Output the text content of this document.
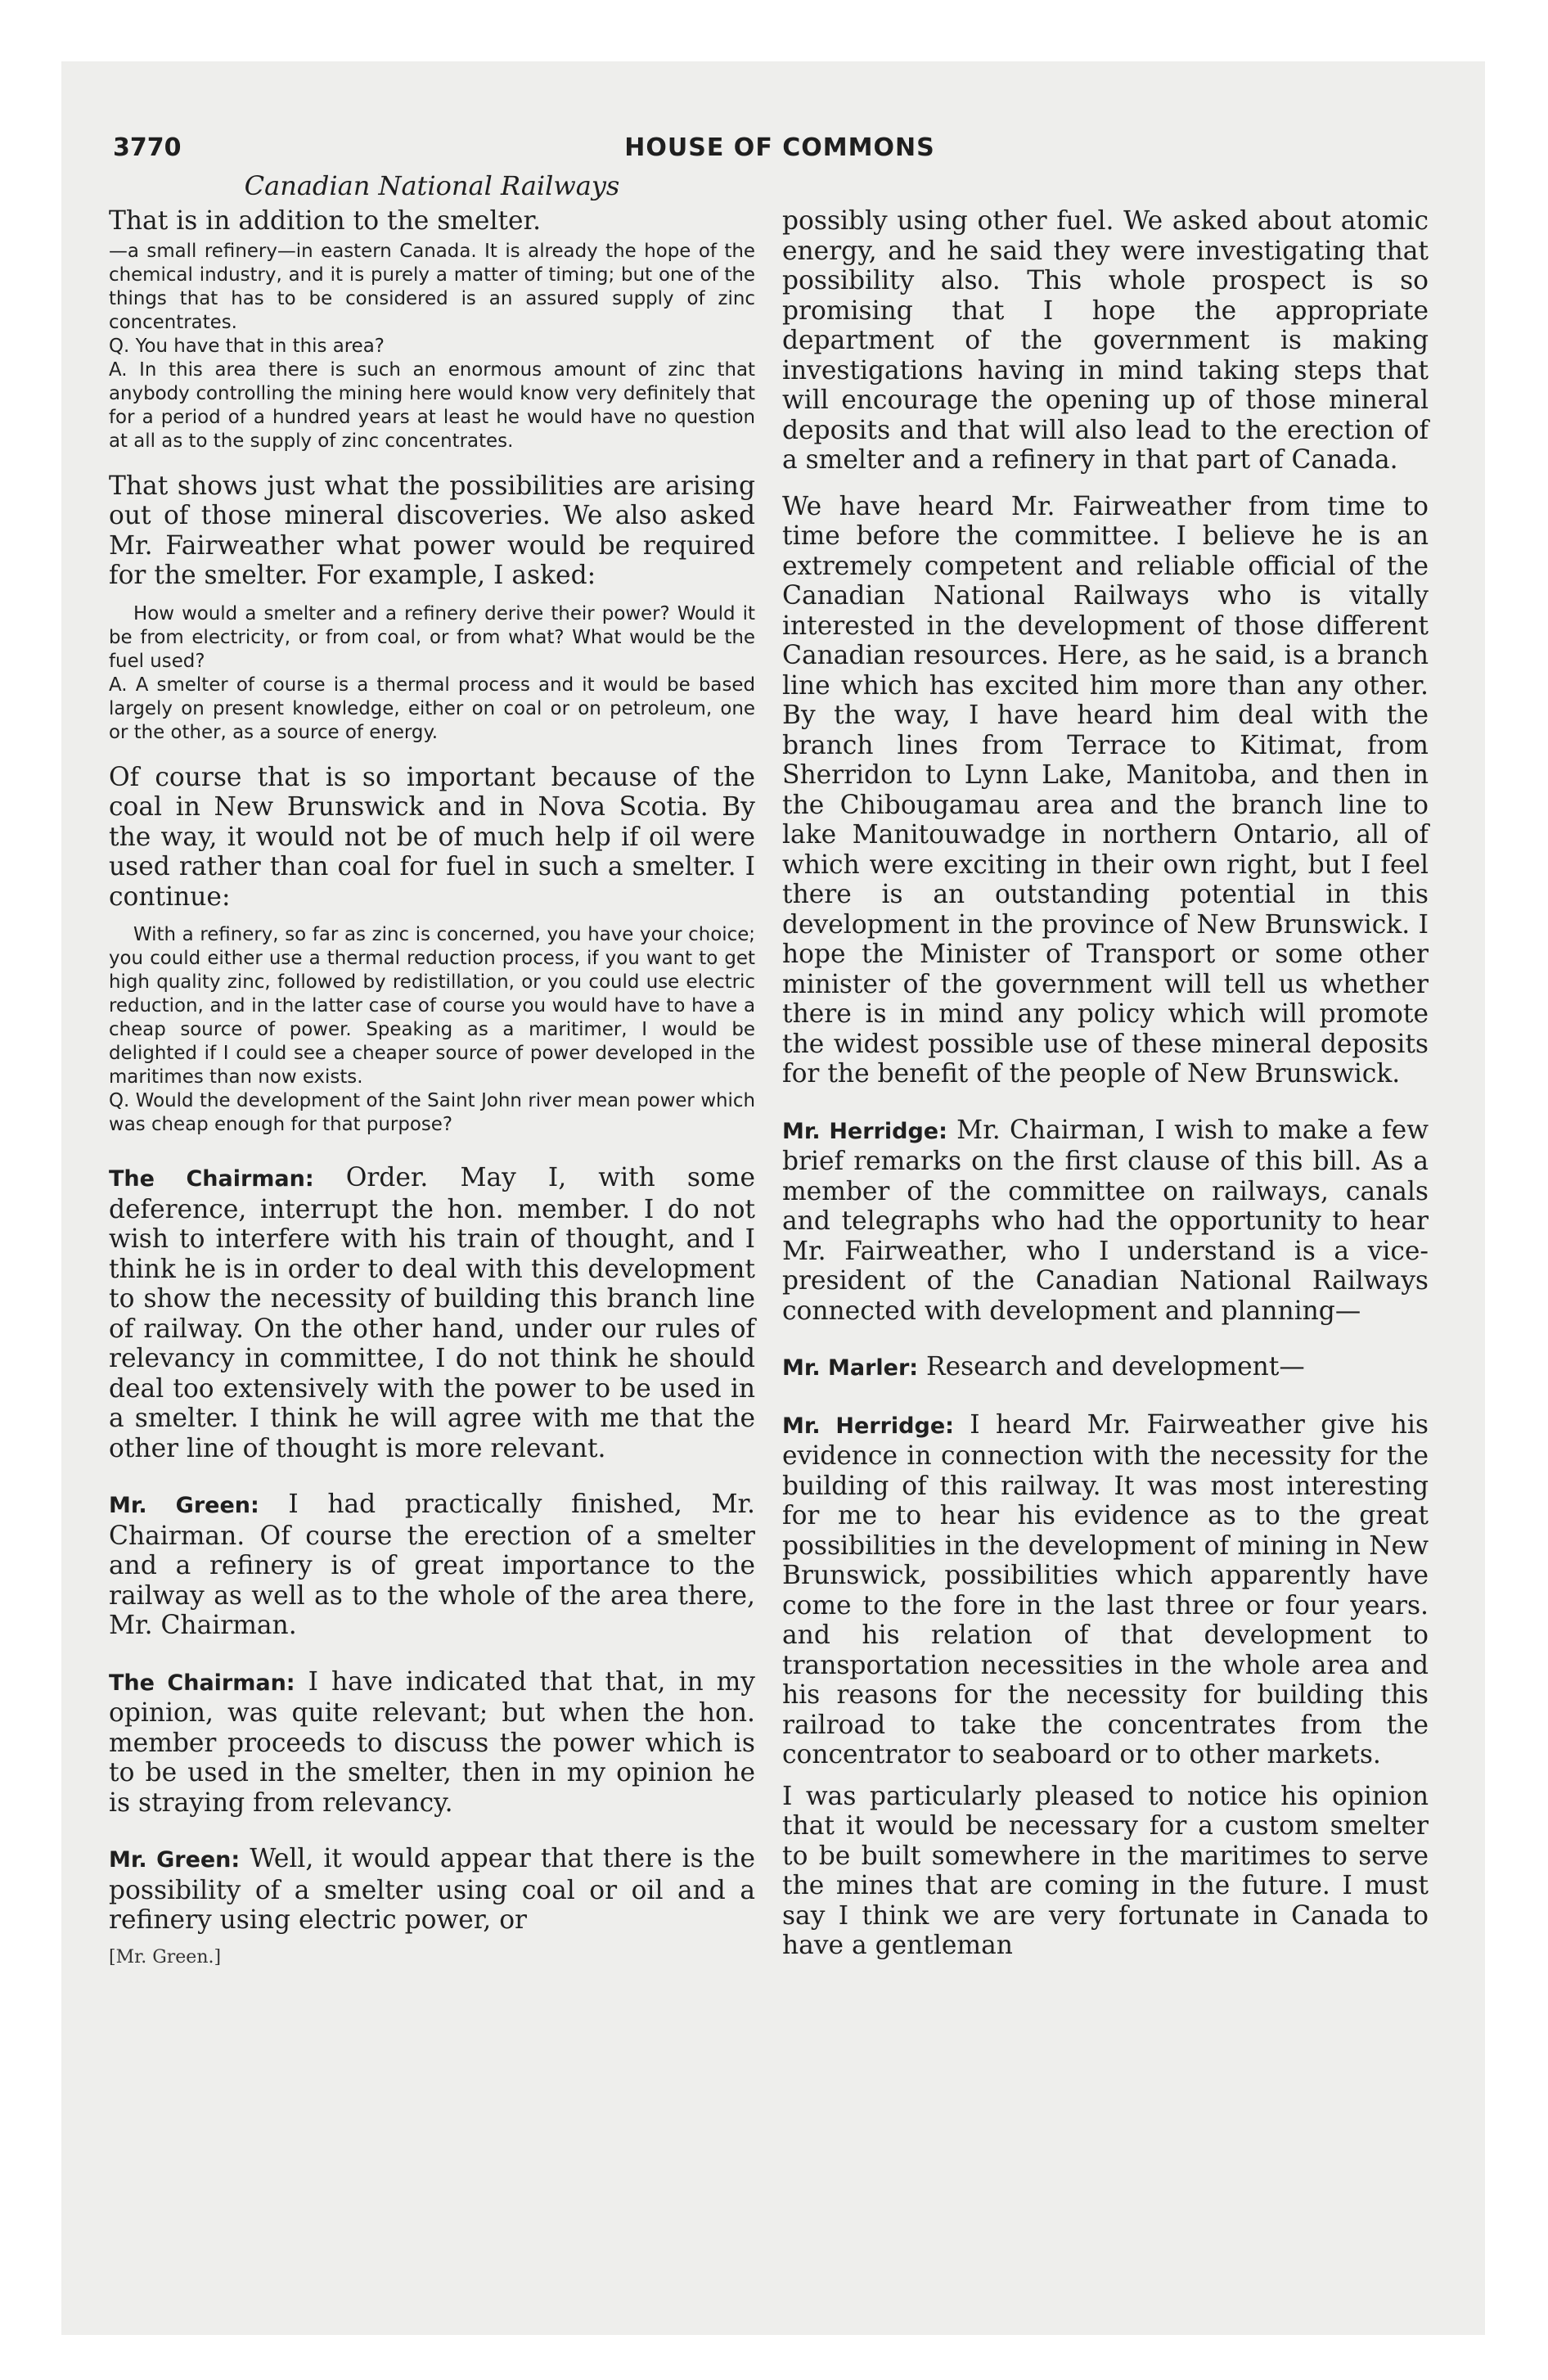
3770	HOUSE OF COMMONS
Canadian National Railways

That is in addition to the smelter.

—a small refinery—in eastern Canada. It is already the hope of the chemical industry, and it is purely a matter of timing; but one of the things that has to be considered is an assured supply of zinc concentrates.

Q. You have that in this area?

A. In this area there is such an enormous amount of zinc that anybody controlling the mining here would know very definitely that for a period of a hundred years at least he would have no question at all as to the supply of zinc concentrates.

That shows just what the possibilities are arising out of those mineral discoveries. We also asked Mr. Fairweather what power would be required for the smelter. For example, I asked:

How would a smelter and a refinery derive their power? Would it be from electricity, or from coal, or from what? What would be the fuel used?

A. A smelter of course is a thermal process and it would be based largely on present knowledge, either on coal or on petroleum, one or the other, as a source of energy.

Of course that is so important because of the coal in New Brunswick and in Nova Scotia. By the way, it would not be of much help if oil were used rather than coal for fuel in such a smelter. I continue:

With a refinery, so far as zinc is concerned, you have your choice; you could either use a thermal reduction process, if you want to get high quality zinc, followed by redistillation, or you could use electric reduction, and in the latter case of course you would have to have a cheap source of power. Speaking as a maritimer, I would be delighted if I could see a cheaper source of power developed in the maritimes than now exists.

Q. Would the development of the Saint John river mean power which was cheap enough for that purpose?

The Chairman: Order. May I, with some deference, interrupt the hon. member. I do not wish to interfere with his train of thought, and I think he is in order to deal with this development to show the necessity of building this branch line of railway. On the other hand, under our rules of relevancy in committee, I do not think he should deal too extensively with the power to be used in a smelter. I think he will agree with me that the other line of thought is more relevant.

Mr. Green: I had practically finished, Mr. Chairman. Of course the erection of a smelter and a refinery is of great importance to the railway as well as to the whole of the area there, Mr. Chairman.

The Chairman: I have indicated that that, in my opinion, was quite relevant; but when the hon. member proceeds to discuss the power which is to be used in the smelter, then in my opinion he is straying from relevancy.

Mr. Green: Well, it would appear that there is the possibility of a smelter using coal or oil and a refinery using electric power, or

[Mr. Green.]

possibly using other fuel. We asked about atomic energy, and he said they were investigating that possibility also. This whole prospect is so promising that I hope the appropriate department of the government is making investigations having in mind taking steps that will encourage the opening up of those mineral deposits and that will also lead to the erection of a smelter and a refinery in that part of Canada.

We have heard Mr. Fairweather from time to time before the committee. I believe he is an extremely competent and reliable official of the Canadian National Railways who is vitally interested in the development of those different Canadian resources. Here, as he said, is a branch line which has excited him more than any other. By the way, I have heard him deal with the branch lines from Terrace to Kitimat, from Sherridon to Lynn Lake, Manitoba, and then in the Chibougamau area and the branch line to lake Manitouwadge in northern Ontario, all of which were exciting in their own right, but I feel there is an outstanding potential in this development in the province of New Brunswick. I hope the Minister of Transport or some other minister of the government will tell us whether there is in mind any policy which will promote the widest possible use of these mineral deposits for the benefit of the people of New Brunswick.

Mr. Herridge: Mr. Chairman, I wish to make a few brief remarks on the first clause of this bill. As a member of the committee on railways, canals and telegraphs who had the opportunity to hear Mr. Fairweather, who I understand is a vice-president of the Canadian National Railways connected with development and planning—

Mr. Marler: Research and development—

Mr. Herridge: I heard Mr. Fairweather give his evidence in connection with the necessity for the building of this railway. It was most interesting for me to hear his evidence as to the great possibilities in the development of mining in New Brunswick, possibilities which apparently have come to the fore in the last three or four years. and his relation of that development to transportation necessities in the whole area and his reasons for the necessity for building this railroad to take the concentrates from the concentrator to seaboard or to other markets.

I was particularly pleased to notice his opinion that it would be necessary for a custom smelter to be built somewhere in the maritimes to serve the mines that are coming in the future. I must say I think we are very fortunate in Canada to have a gentleman
